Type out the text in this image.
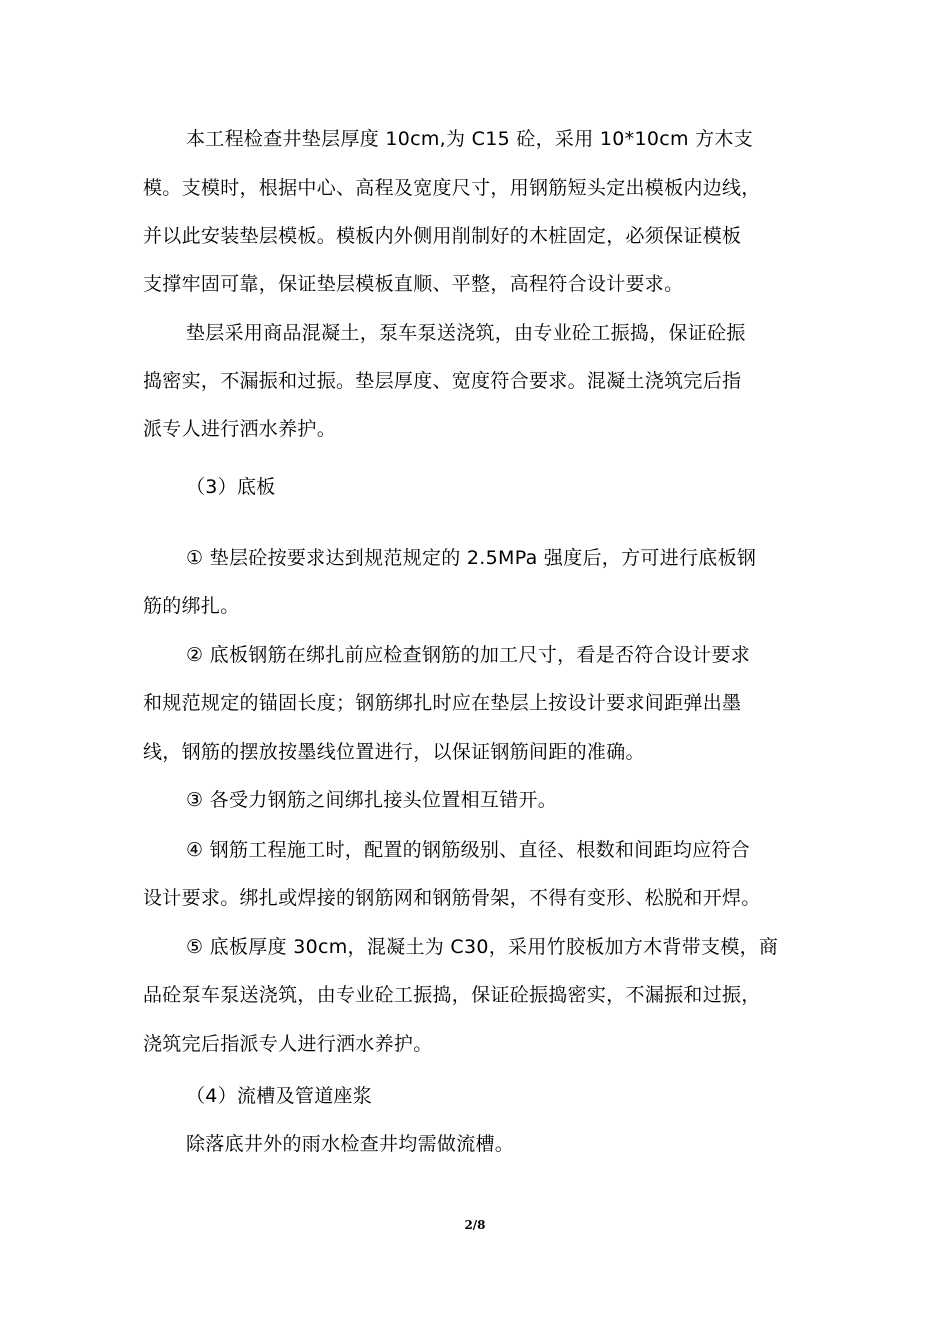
本工程检查井垫层厚度 10cm,为 C15 砼，采用 10*10cm 方木支
模。支模时，根据中心、高程及宽度尺寸，用钢筋短头定出模板内边线，
并以此安装垫层模板。模板内外侧用削制好的木桩固定，必须保证模板
支撑牢固可靠，保证垫层模板直顺、平整，高程符合设计要求。
垫层采用商品混凝土，泵车泵送浇筑，由专业砼工振捣，保证砼振
捣密实，不漏振和过振。垫层厚度、宽度符合要求。混凝土浇筑完后指
派专人进行洒水养护。
（3）底板
① 垫层砼按要求达到规范规定的 2.5MPa 强度后，方可进行底板钢
筋的绑扎。
② 底板钢筋在绑扎前应检查钢筋的加工尺寸，看是否符合设计要求
和规范规定的锚固长度；钢筋绑扎时应在垫层上按设计要求间距弹出墨
线，钢筋的摆放按墨线位置进行，以保证钢筋间距的准确。
③ 各受力钢筋之间绑扎接头位置相互错开。
④ 钢筋工程施工时，配置的钢筋级别、直径、根数和间距均应符合
设计要求。绑扎或焊接的钢筋网和钢筋骨架，不得有变形、松脱和开焊。
⑤ 底板厚度 30cm，混凝土为 C30，采用竹胶板加方木背带支模，商
品砼泵车泵送浇筑，由专业砼工振捣，保证砼振捣密实，不漏振和过振，
浇筑完后指派专人进行洒水养护。
（4）流槽及管道座浆
除落底井外的雨水检查井均需做流槽。
2/8
